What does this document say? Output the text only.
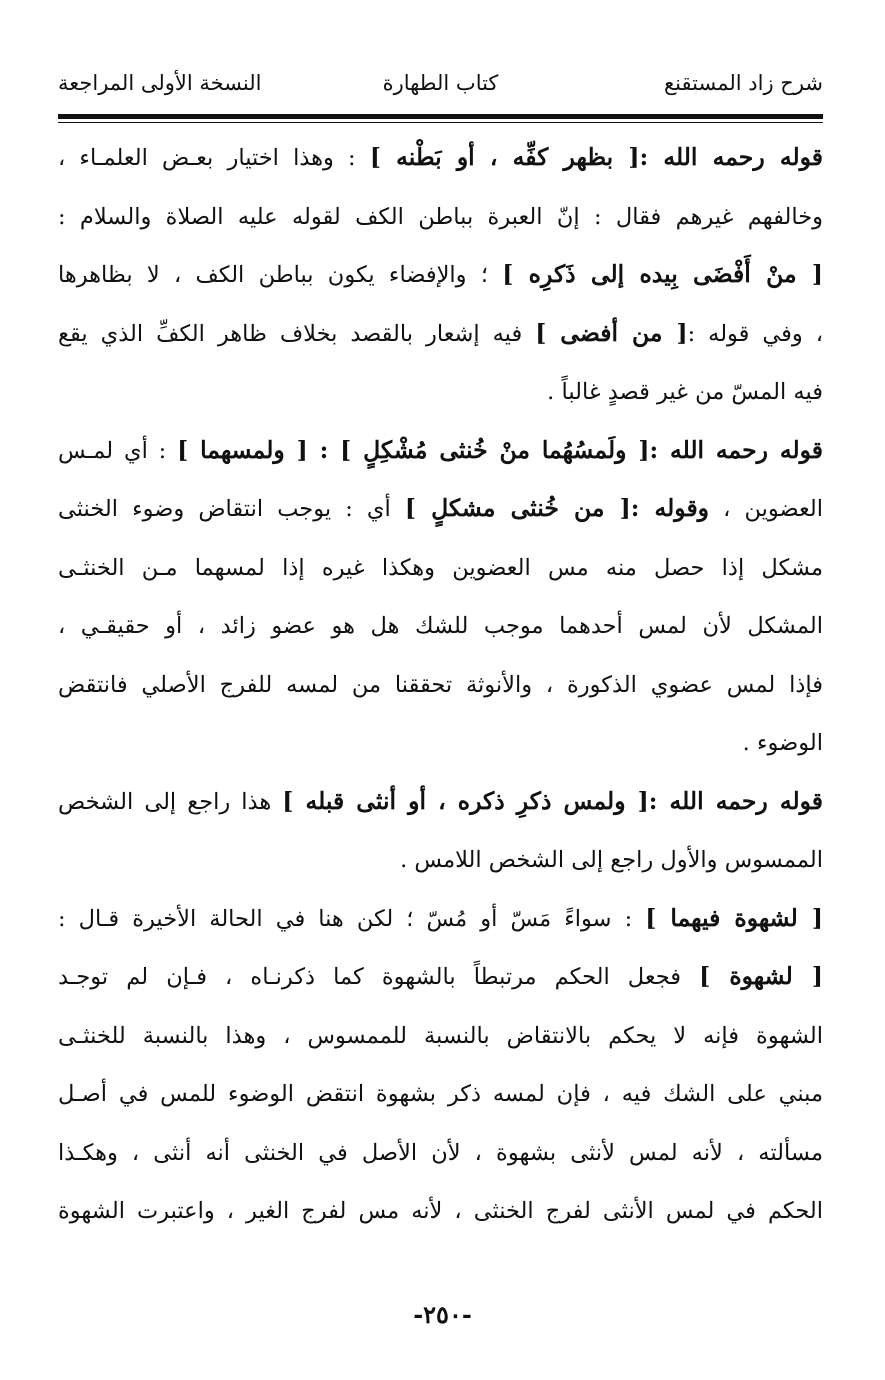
شرح زاد المستقنع
كتاب الطهارة
النسخة الأولى المراجعة
قوله رحمه الله :[ بظهر كفِّه ، أو بَطْنه ] : وهذا اختيار بعـض العلمـاء ،
وخالفهم غيرهم فقال : إنّ العبرة بباطن الكف لقوله عليه الصلاة والسلام :
[ منْ أَفْضَى بِيده إلى ذَكرِه ] ؛ والإفضاء يكون بباطن الكف ، لا بظاهرها
، وفي قوله :[ من أفضى ] فيه إشعار بالقصد بخلاف ظاهر الكفِّ الذي يقع
فيه المسّ من غير قصدٍ غالباً .
قوله رحمه الله :[ ولَمسُهُما منْ خُنثى مُشْكِلٍ ] : [ ولمسهما ] : أي لمـس
العضوين ، وقوله :[ من خُنثى مشكلٍ ] أي : يوجب انتقاض وضوء الخنثى
مشكل إذا حصل منه مس العضوين وهكذا غيره إذا لمسهما مـن الخنثـى
المشكل لأن لمس أحدهما موجب للشك هل هو عضو زائد ، أو حقيقـي ،
فإذا لمس عضوي الذكورة ، والأنوثة تحققنا من لمسه للفرج الأصلي فانتقض
الوضوء .
قوله رحمه الله :[ ولمس ذكرِ ذكره ، أو أنثى قبله ] هذا راجع إلى الشخص
الممسوس والأول راجع إلى الشخص اللامس .
[ لشهوة فيهما ] : سواءً مَسّ أو مُسّ ؛ لكن هنا في الحالة الأخيرة قـال :
[ لشهوة ] فجعل الحكم مرتبطاً بالشهوة كما ذكرنـاه ، فـإن لم توجـد
الشهوة فإنه لا يحكم بالانتقاض بالنسبة للممسوس ، وهذا بالنسبة للخنثـى
مبني على الشك فيه ، فإن لمسه ذكر بشهوة انتقض الوضوء للمس في أصـل
مسألته ، لأنه لمس لأنثى بشهوة ، لأن الأصل في الخنثى أنه أنثى ، وهكـذا
الحكم في لمس الأنثى لفرج الخنثى ، لأنه مس لفرج الغير ، واعتبرت الشهوة
-٢٥٠-
